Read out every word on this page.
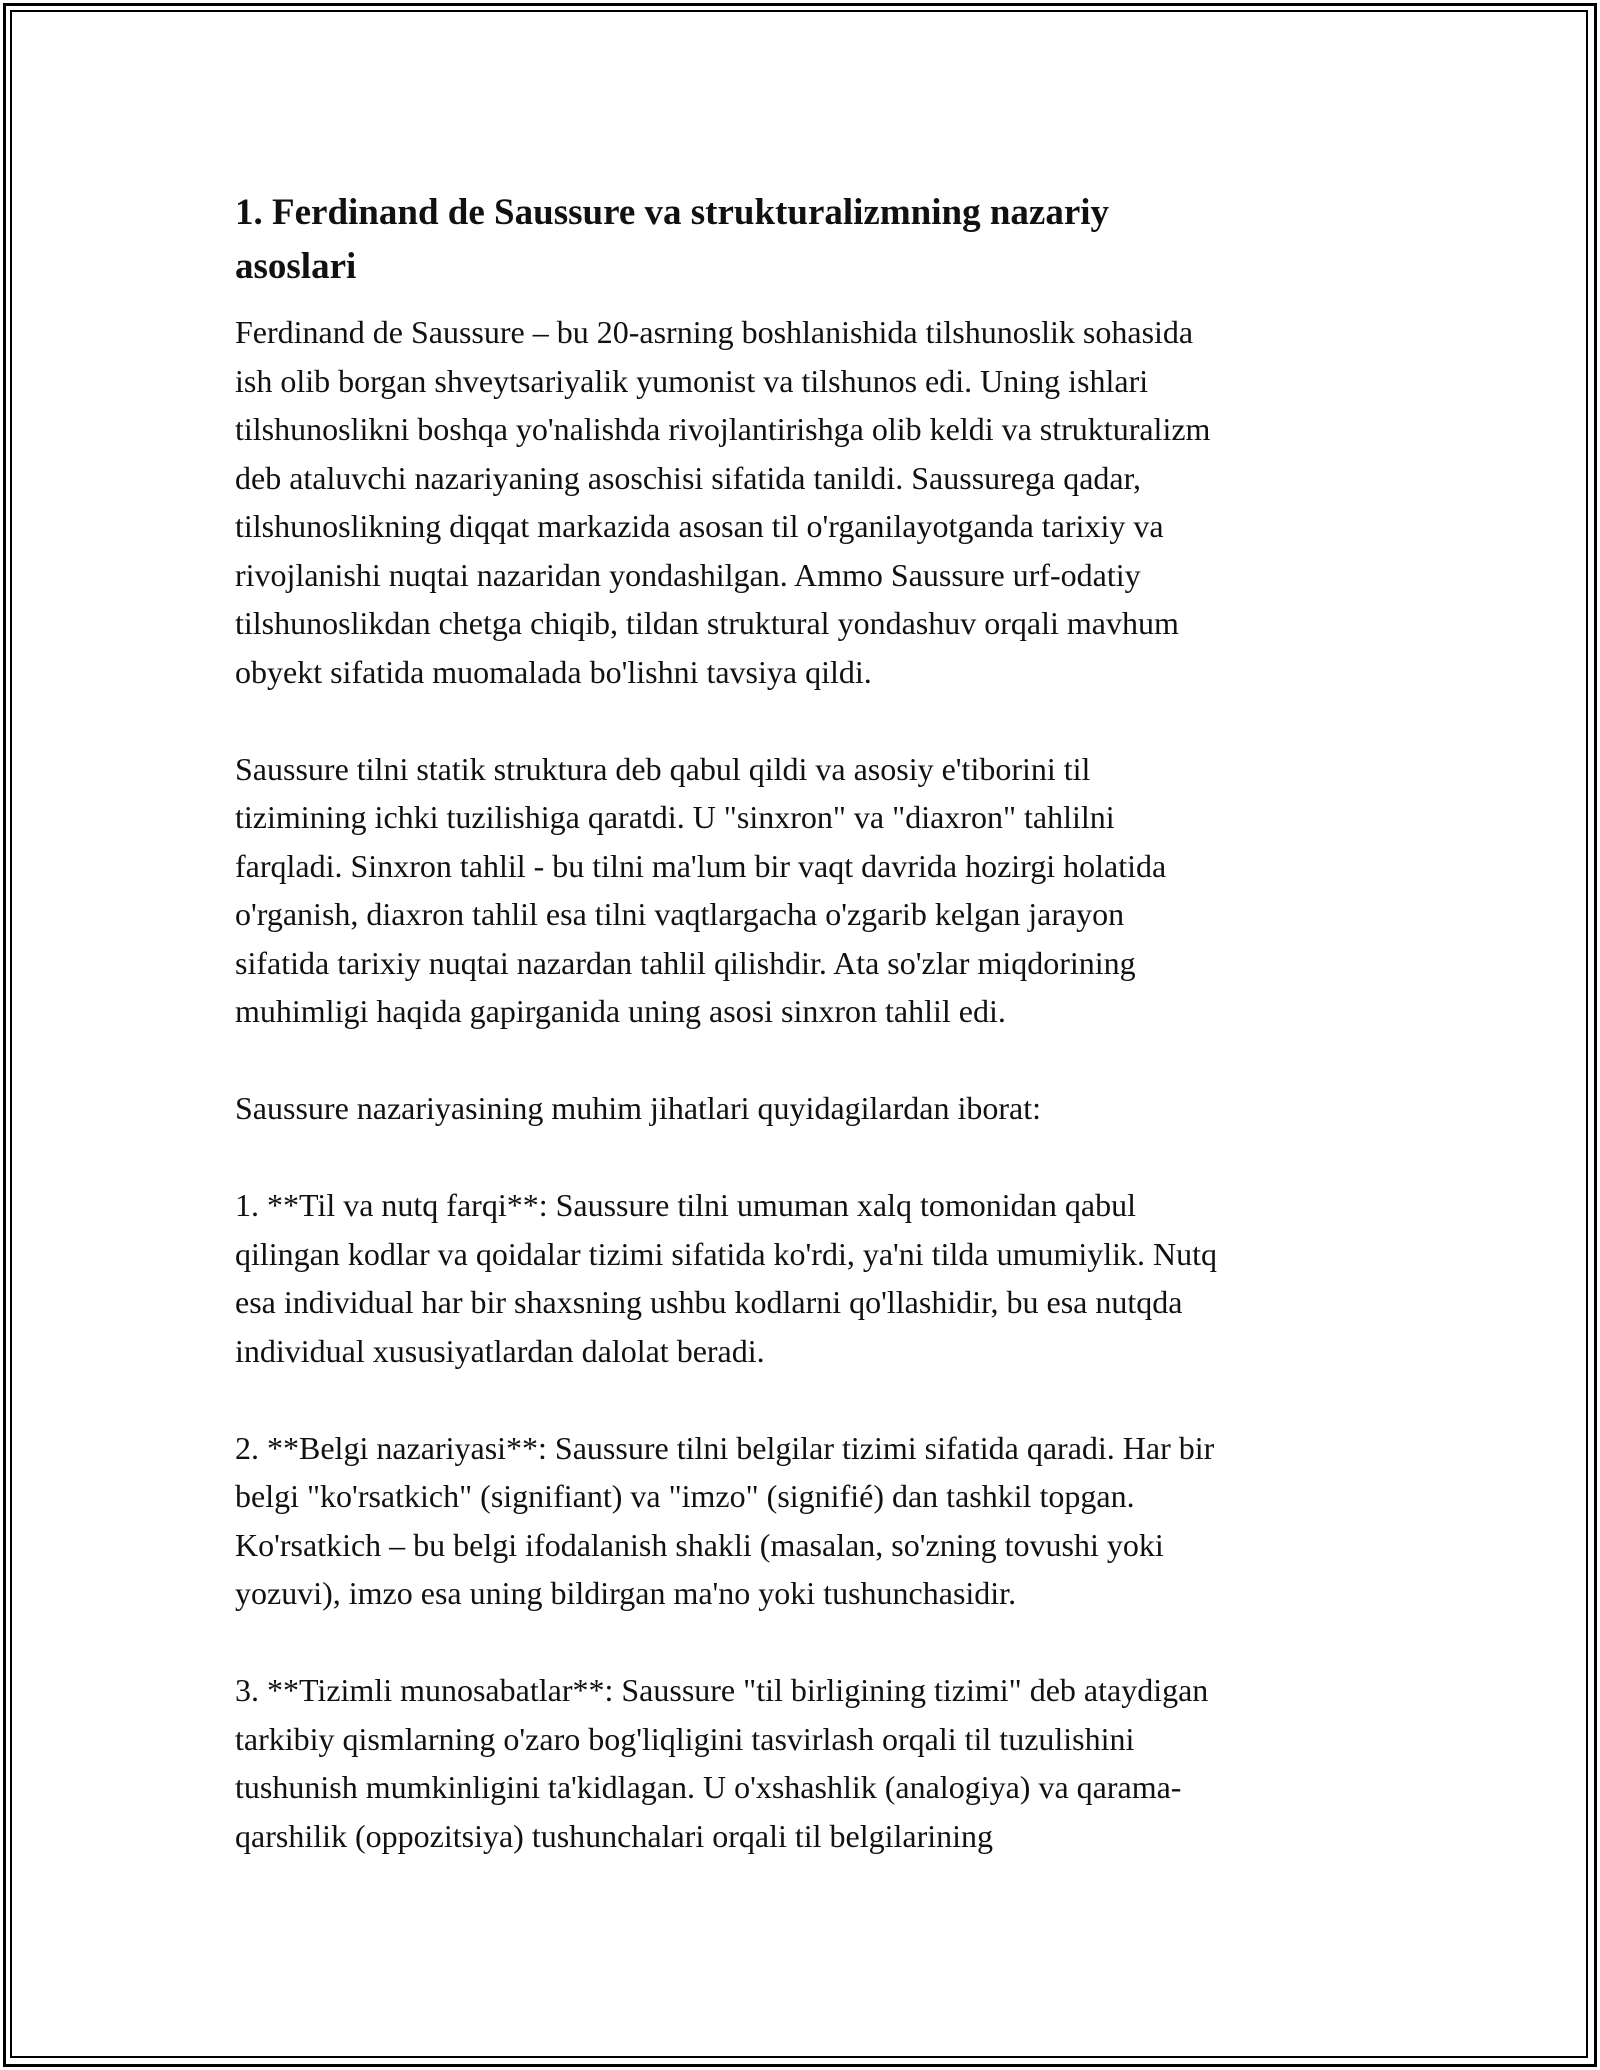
1. Ferdinand de Saussure va strukturalizmning nazariy
asoslari
Ferdinand de Saussure – bu 20-asrning boshlanishida tilshunoslik sohasida
ish olib borgan shveytsariyalik yumonist va tilshunos edi. Uning ishlari
tilshunoslikni boshqa yo'nalishda rivojlantirishga olib keldi va strukturalizm
deb ataluvchi nazariyaning asoschisi sifatida tanildi. Saussurega qadar,
tilshunoslikning diqqat markazida asosan til o'rganilayotganda tarixiy va
rivojlanishi nuqtai nazaridan yondashilgan. Ammo Saussure urf-odatiy
tilshunoslikdan chetga chiqib, tildan struktural yondashuv orqali mavhum
obyekt sifatida muomalada bo'lishni tavsiya qildi.
Saussure tilni statik struktura deb qabul qildi va asosiy e'tiborini til
tizimining ichki tuzilishiga qaratdi. U "sinxron" va "diaxron" tahlilni
farqladi. Sinxron tahlil - bu tilni ma'lum bir vaqt davrida hozirgi holatida
o'rganish, diaxron tahlil esa tilni vaqtlargacha o'zgarib kelgan jarayon
sifatida tarixiy nuqtai nazardan tahlil qilishdir. Ata so'zlar miqdorining
muhimligi haqida gapirganida uning asosi sinxron tahlil edi.
Saussure nazariyasining muhim jihatlari quyidagilardan iborat:
1. **Til va nutq farqi**: Saussure tilni umuman xalq tomonidan qabul
qilingan kodlar va qoidalar tizimi sifatida ko'rdi, ya'ni tilda umumiylik. Nutq
esa individual har bir shaxsning ushbu kodlarni qo'llashidir, bu esa nutqda
individual xususiyatlardan dalolat beradi.
2. **Belgi nazariyasi**: Saussure tilni belgilar tizimi sifatida qaradi. Har bir
belgi "ko'rsatkich" (signifiant) va "imzo" (signifié) dan tashkil topgan.
Ko'rsatkich – bu belgi ifodalanish shakli (masalan, so'zning tovushi yoki
yozuvi), imzo esa uning bildirgan ma'no yoki tushunchasidir.
3. **Tizimli munosabatlar**: Saussure "til birligining tizimi" deb ataydigan
tarkibiy qismlarning o'zaro bog'liqligini tasvirlash orqali til tuzulishini
tushunish mumkinligini ta'kidlagan. U o'xshashlik (analogiya) va qarama-
qarshilik (oppozitsiya) tushunchalari orqali til belgilarining
